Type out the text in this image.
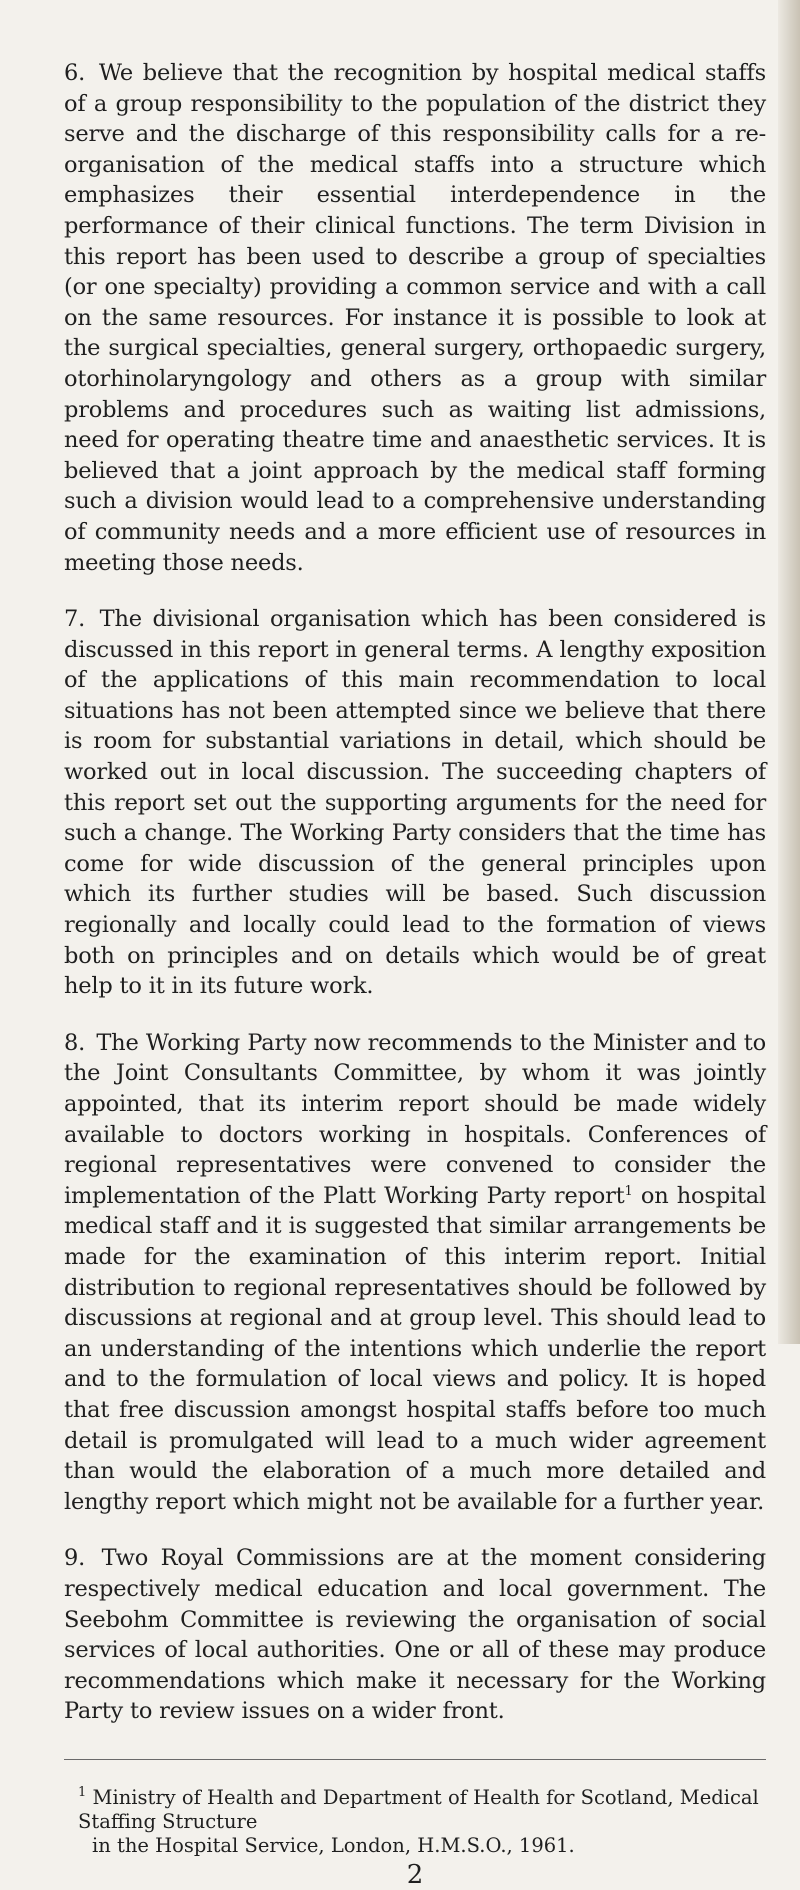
6. We believe that the recognition by hospital medical staffs of a group responsibility to the population of the district they serve and the discharge of this responsibility calls for a re-organisation of the medical staffs into a structure which emphasizes their essential interdependence in the performance of their clinical functions. The term Division in this report has been used to describe a group of specialties (or one specialty) providing a common service and with a call on the same resources. For instance it is possible to look at the surgical specialties, general surgery, orthopaedic surgery, otorhinolaryngology and others as a group with similar problems and procedures such as waiting list admissions, need for operating theatre time and anaesthetic services. It is believed that a joint approach by the medical staff forming such a division would lead to a comprehensive understanding of community needs and a more efficient use of resources in meeting those needs.

7. The divisional organisation which has been considered is discussed in this report in general terms. A lengthy exposition of the applications of this main recommendation to local situations has not been attempted since we believe that there is room for substantial variations in detail, which should be worked out in local discussion. The succeeding chapters of this report set out the supporting arguments for the need for such a change. The Working Party considers that the time has come for wide discussion of the general principles upon which its further studies will be based. Such discussion regionally and locally could lead to the formation of views both on principles and on details which would be of great help to it in its future work.

8. The Working Party now recommends to the Minister and to the Joint Consultants Committee, by whom it was jointly appointed, that its interim report should be made widely available to doctors working in hospitals. Conferences of regional representatives were convened to consider the implementation of the Platt Working Party report$^1$ on hospital medical staff and it is suggested that similar arrangements be made for the examination of this interim report. Initial distribution to regional representatives should be followed by discussions at regional and at group level. This should lead to an understanding of the intentions which underlie the report and to the formulation of local views and policy. It is hoped that free discussion amongst hospital staffs before too much detail is promulgated will lead to a much wider agreement than would the elaboration of a much more detailed and lengthy report which might not be available for a further year.

9. Two Royal Commissions are at the moment considering respectively medical education and local government. The Seebohm Committee is reviewing the organisation of social services of local authorities. One or all of these may produce recommendations which make it necessary for the Working Party to review issues on a wider front.

$^1$ Ministry of Health and Department of Health for Scotland, Medical Staffing Structure
in the Hospital Service, London, H.M.S.O., 1961.
2
